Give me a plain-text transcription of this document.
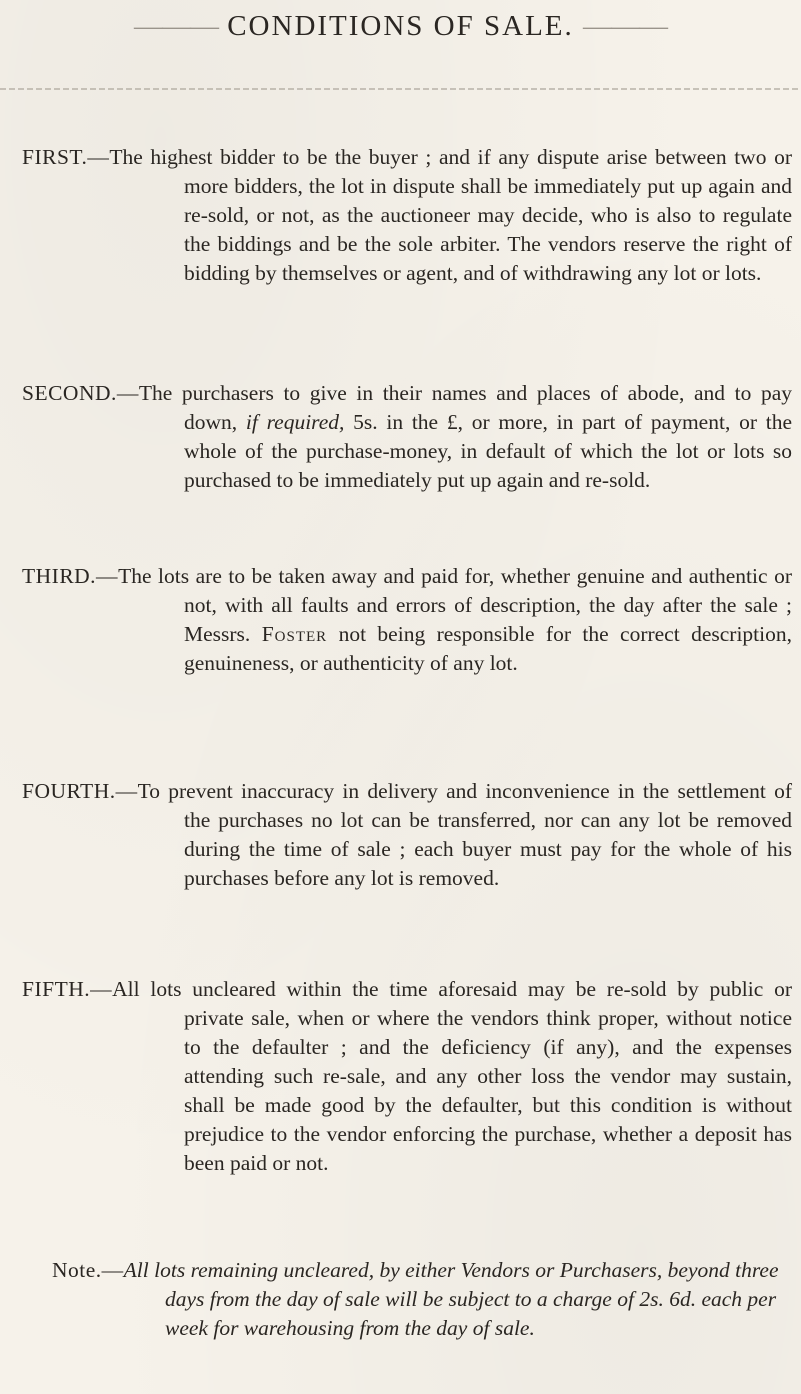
——— CONDITIONS OF SALE. ———

FIRST.—The highest bidder to be the buyer ; and if any dispute arise between two or more bidders, the lot in dispute shall be immediately put up again and re-sold, or not, as the auctioneer may decide, who is also to regulate the biddings and be the sole arbiter. The vendors reserve the right of bidding by themselves or agent, and of withdrawing any lot or lots.

SECOND.—The purchasers to give in their names and places of abode, and to pay down, if required, 5s. in the £, or more, in part of payment, or the whole of the purchase-money, in default of which the lot or lots so purchased to be immediately put up again and re-sold.

THIRD.—The lots are to be taken away and paid for, whether genuine and authentic or not, with all faults and errors of description, the day after the sale ; Messrs. Foster not being responsible for the correct description, genuineness, or authenticity of any lot.

FOURTH.—To prevent inaccuracy in delivery and inconvenience in the settlement of the purchases no lot can be transferred, nor can any lot be removed during the time of sale ; each buyer must pay for the whole of his purchases before any lot is removed.

FIFTH.—All lots uncleared within the time aforesaid may be re-sold by public or private sale, when or where the vendors think proper, without notice to the defaulter ; and the deficiency (if any), and the expenses attending such re-sale, and any other loss the vendor may sustain, shall be made good by the defaulter, but this condition is without prejudice to the vendor enforcing the purchase, whether a deposit has been paid or not.

Note.—All lots remaining uncleared, by either Vendors or Purchasers, beyond three days from the day of sale will be subject to a charge of 2s. 6d. each per week for warehousing from the day of sale.
